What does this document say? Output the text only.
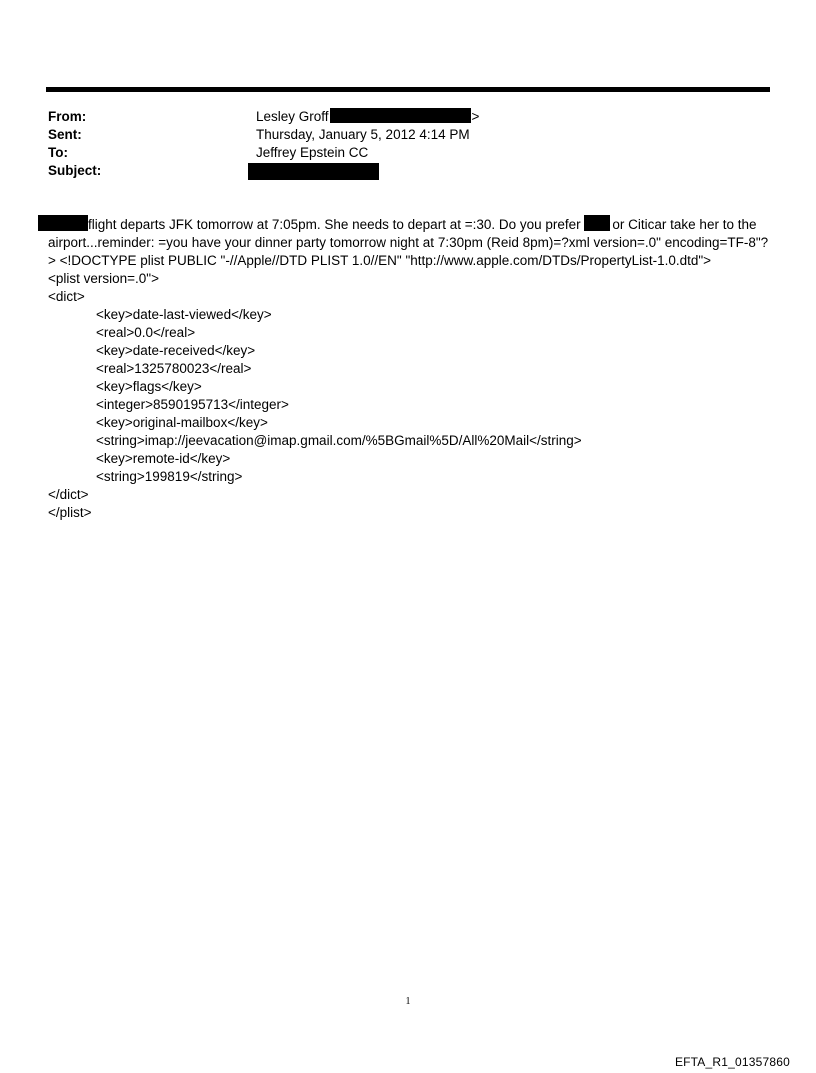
From:	Lesley Groff	>
Sent:	Thursday, January 5, 2012 4:14 PM
To:	Jeffrey Epstein CC
Subject:

flight departs JFK tomorrow at 7:05pm. She needs to depart at =:30. Do you prefer or Citicar take her to the airport...reminder: =you have your dinner party tomorrow night at 7:30pm (Reid 8pm)=?xml version=.0" encoding=TF-8"?> <!DOCTYPE plist PUBLIC "-//Apple//DTD PLIST 1.0//EN" "http://www.apple.com/DTDs/PropertyList-1.0.dtd">

<plist version=.0">

<dict>

<key>date-last-viewed</key>

<real>0.0</real>

<key>date-received</key>

<real>1325780023</real>

<key>flags</key>

<integer>8590195713</integer>

<key>original-mailbox</key>

<string>imap://jeevacation@imap.gmail.com/%5BGmail%5D/All%20Mail</string>

<key>remote-id</key>

<string>199819</string>

</dict>

</plist>

1
EFTA_R1_01357860
